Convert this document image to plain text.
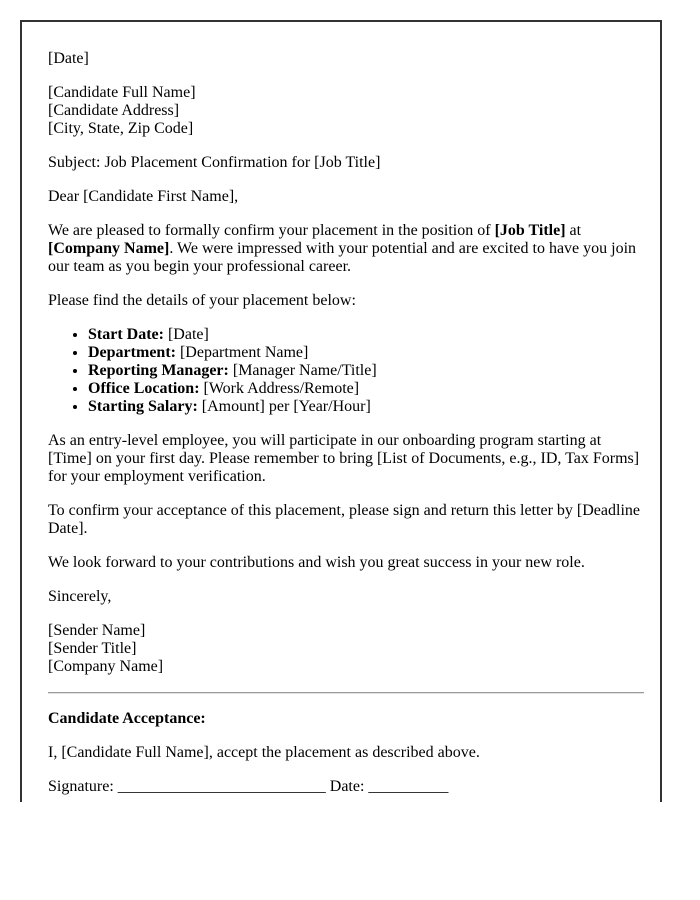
[Date]

[Candidate Full Name]
[Candidate Address]
[City, State, Zip Code]

Subject: Job Placement Confirmation for [Job Title]

Dear [Candidate First Name],

We are pleased to formally confirm your placement in the position of [Job Title] at [Company Name]. We were impressed with your potential and are excited to have you join our team as you begin your professional career.

Please find the details of your placement below:

• Start Date: [Date]
• Department: [Department Name]
• Reporting Manager: [Manager Name/Title]
• Office Location: [Work Address/Remote]
• Starting Salary: [Amount] per [Year/Hour]

As an entry-level employee, you will participate in our onboarding program starting at [Time] on your first day. Please remember to bring [List of Documents, e.g., ID, Tax Forms] for your employment verification.

To confirm your acceptance of this placement, please sign and return this letter by [Deadline Date].

We look forward to your contributions and wish you great success in your new role.

Sincerely,

[Sender Name]
[Sender Title]
[Company Name]

Candidate Acceptance:

I, [Candidate Full Name], accept the placement as described above.

Signature: __________________________ Date: __________
